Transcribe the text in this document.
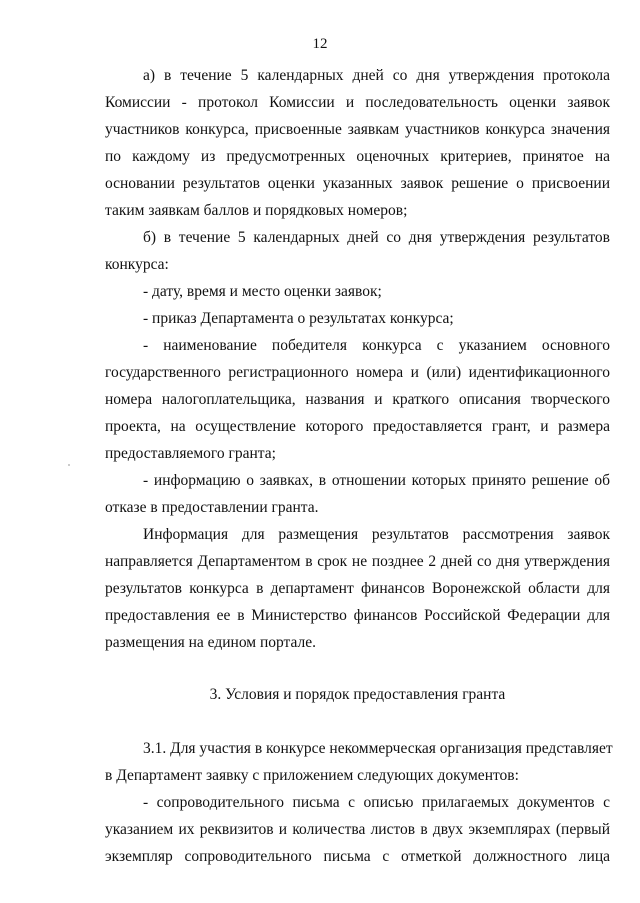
12
а) в течение 5 календарных дней со дня утверждения протокола
Комиссии - протокол Комиссии и последовательность оценки заявок
участников конкурса, присвоенные заявкам участников конкурса значения
по каждому из предусмотренных оценочных критериев, принятое на
основании результатов оценки указанных заявок решение о присвоении
таким заявкам баллов и порядковых номеров;
б) в течение 5 календарных дней со дня утверждения результатов
конкурса:
- дату, время и место оценки заявок;
- приказ Департамента о результатах конкурса;
- наименование победителя конкурса с указанием основного
государственного регистрационного номера и (или) идентификационного
номера налогоплательщика, названия и краткого описания творческого
проекта, на осуществление которого предоставляется грант, и размера
предоставляемого гранта;
- информацию о заявках, в отношении которых принято решение об
отказе в предоставлении гранта.
Информация для размещения результатов рассмотрения заявок
направляется Департаментом в срок не позднее 2 дней со дня утверждения
результатов конкурса в департамент финансов Воронежской области для
предоставления ее в Министерство финансов Российской Федерации для
размещения на едином портале.
3. Условия и порядок предоставления гранта
3.1. Для участия в конкурсе некоммерческая организация представляет
в Департамент заявку с приложением следующих документов:
- сопроводительного письма с описью прилагаемых документов с
указанием их реквизитов и количества листов в двух экземплярах (первый
экземпляр сопроводительного письма с отметкой должностного лица
